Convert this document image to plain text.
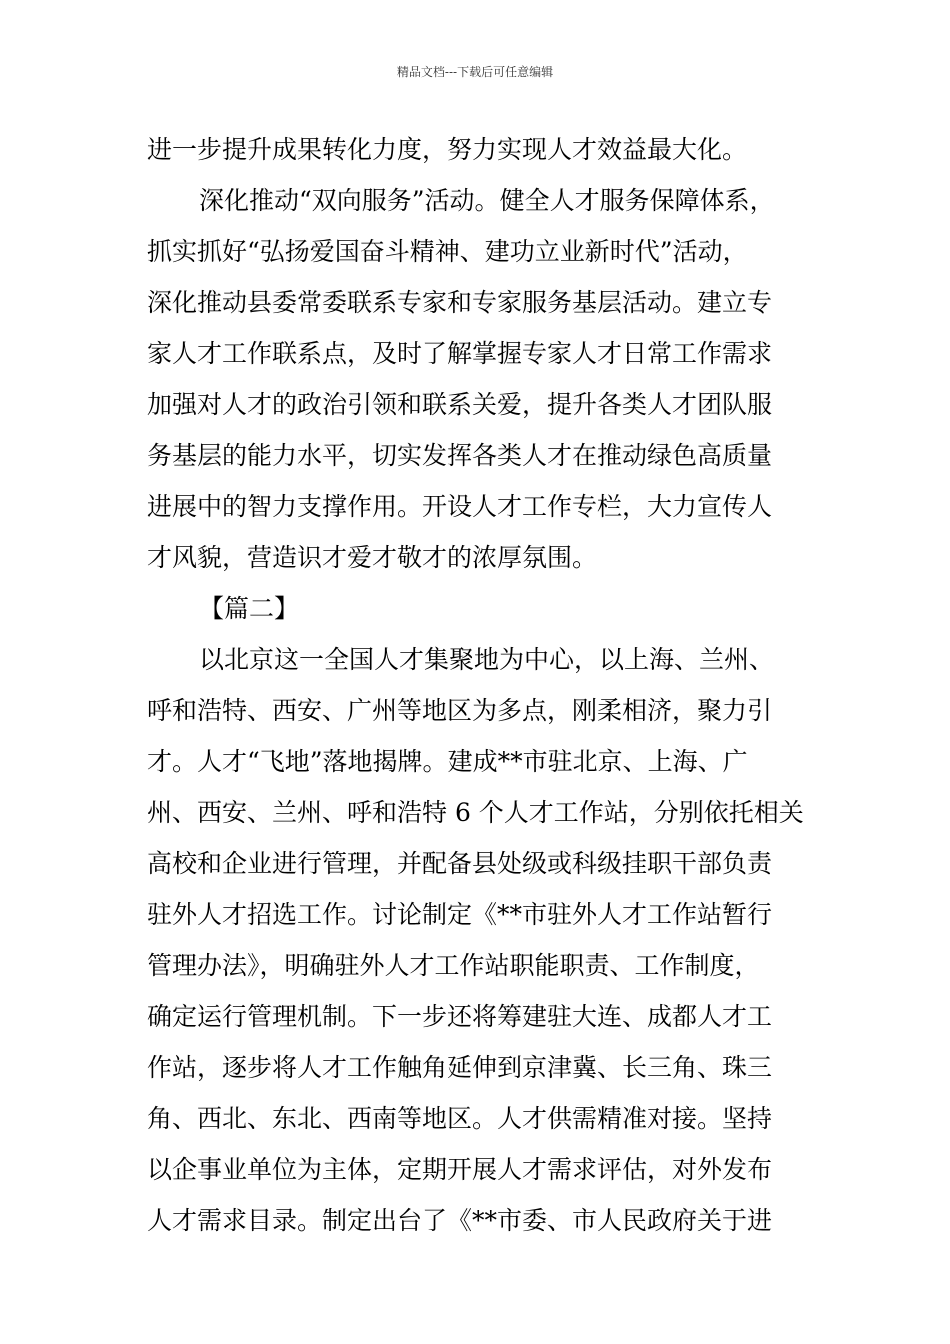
精品文档---下载后可任意编辑
进一步提升成果转化力度，努力实现人才效益最大化。
深化推动“双向服务”活动。健全人才服务保障体系，
抓实抓好“弘扬爱国奋斗精神、建功立业新时代”活动，
深化推动县委常委联系专家和专家服务基层活动。建立专
家人才工作联系点，及时了解掌握专家人才日常工作需求
加强对人才的政治引领和联系关爱，提升各类人才团队服
务基层的能力水平，切实发挥各类人才在推动绿色高质量
进展中的智力支撑作用。开设人才工作专栏，大力宣传人
才风貌，营造识才爱才敬才的浓厚氛围。
【篇二】
以北京这一全国人才集聚地为中心，以上海、兰州、
呼和浩特、西安、广州等地区为多点，刚柔相济，聚力引
才。人才“飞地”落地揭牌。建成**市驻北京、上海、广
州、西安、兰州、呼和浩特 6 个人才工作站，分别依托相关
高校和企业进行管理，并配备县处级或科级挂职干部负责
驻外人才招选工作。讨论制定《**市驻外人才工作站暂行
管理办法》，明确驻外人才工作站职能职责、工作制度，
确定运行管理机制。下一步还将筹建驻大连、成都人才工
作站，逐步将人才工作触角延伸到京津冀、长三角、珠三
角、西北、东北、西南等地区。人才供需精准对接。坚持
以企事业单位为主体，定期开展人才需求评估，对外发布
人才需求目录。制定出台了《**市委、市人民政府关于进
